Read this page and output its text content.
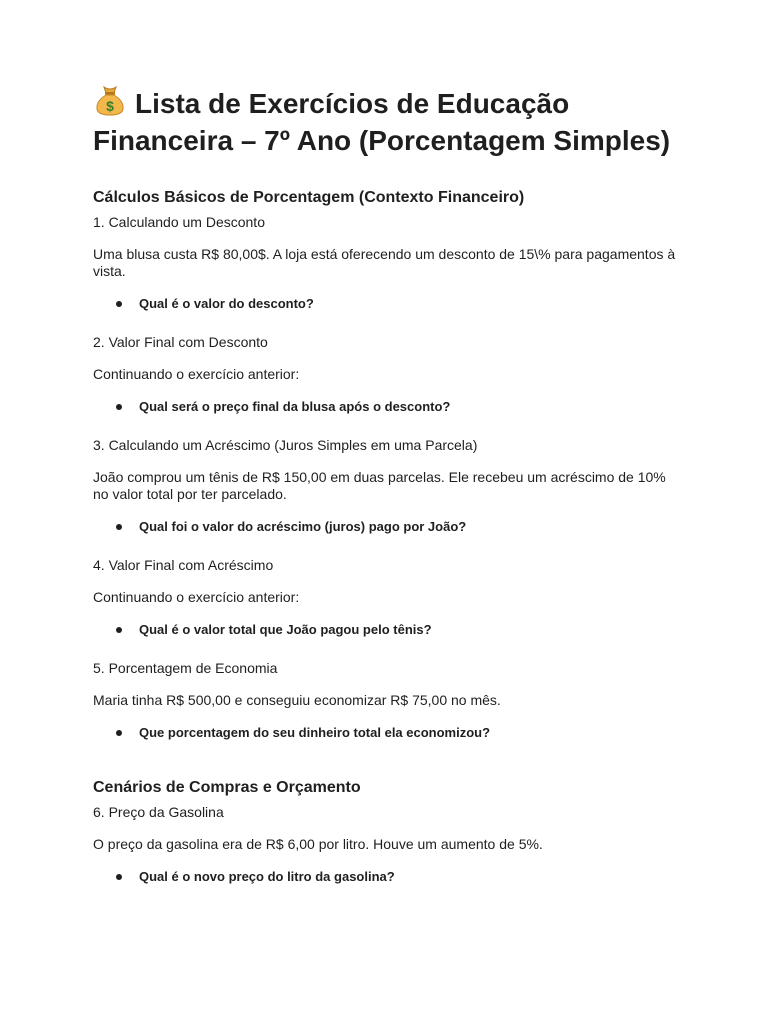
$ Lista de Exercícios de Educação Financeira – 7º Ano (Porcentagem Simples)
Cálculos Básicos de Porcentagem (Contexto Financeiro)

1. Calculando um Desconto

Uma blusa custa R$ 80,00$. A loja está oferecendo um desconto de 15\% para pagamentos à vista.

Qual é o valor do desconto?

2. Valor Final com Desconto

Continuando o exercício anterior:

Qual será o preço final da blusa após o desconto?

3. Calculando um Acréscimo (Juros Simples em uma Parcela)

João comprou um tênis de R$ 150,00 em duas parcelas. Ele recebeu um acréscimo de 10% no valor total por ter parcelado.

Qual foi o valor do acréscimo (juros) pago por João?

4. Valor Final com Acréscimo

Continuando o exercício anterior:

Qual é o valor total que João pagou pelo tênis?

5. Porcentagem de Economia

Maria tinha R$ 500,00 e conseguiu economizar R$ 75,00 no mês.

Que porcentagem do seu dinheiro total ela economizou?
Cenários de Compras e Orçamento

6. Preço da Gasolina

O preço da gasolina era de R$ 6,00 por litro. Houve um aumento de 5%.

Qual é o novo preço do litro da gasolina?
